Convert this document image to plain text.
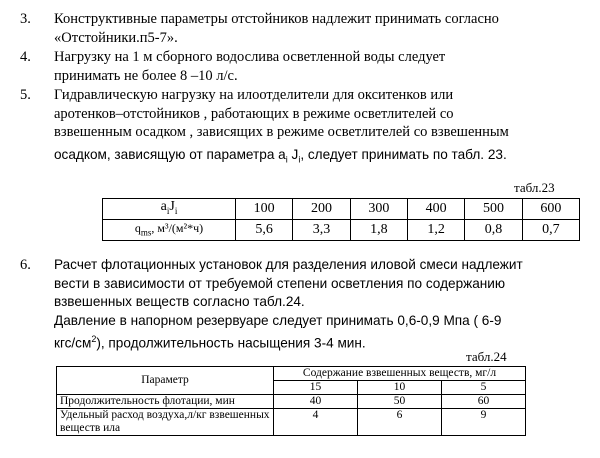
3. Конструктивные параметры отстойников надлежит принимать согласно
«Отстойники.п5-7».
4. Нагрузку на 1 м сборного водослива осветленной воды следует
принимать не более 8 –10 л/с.
5. Гидравлическую нагрузку на илоотделители для окситенков или
аротенков–отстойников , работающих в режиме осветлителей со
взвешенным осадком , зависящих в режиме осветлителей со взвешенным
осадком, зависящую от параметра $a_i$ $J_i$, следует принимать по табл. 23.
табл.23
$a_iJ_i$	100	200	300	400	500	600
$q_{ms}$, м³/(м²*ч)	5,6	3,3	1,8	1,2	0,8	0,7
6. Расчет флотационных установок для разделения иловой смеси надлежит
вести в зависимости от требуемой степени осветления по содержанию
взвешенных веществ согласно табл.24.
Давление в напорном резервуаре следует принимать 0,6-0,9 Мпа ( 6-9
кгс/$см^2$), продолжительность насыщения 3-4 мин.
табл.24
Параметр	Содержание взвешенных веществ, мг/л		
	15	10	5
Продолжительность флотации, мин	40	50	60
Удельный расход воздуха,л/кг взвешенных веществ ила	4	6	9
